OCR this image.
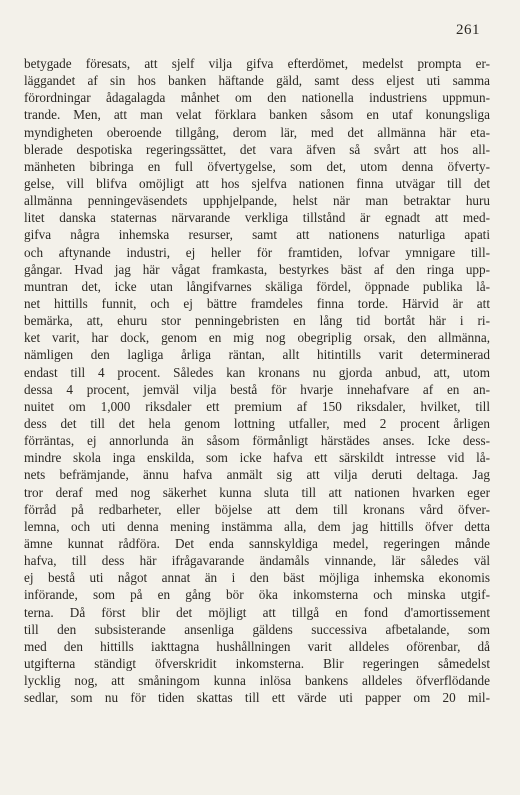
261
betygade föresats, att sjelf vilja gifva efterdömet, medelst prompta er-
läggandet af sin hos banken häftande gäld, samt dess eljest uti samma
förordningar ådagalagda månhet om den nationella industriens uppmun-
trande. Men, att man velat förklara banken såsom en utaf konungsliga
myndigheten oberoende tillgång, derom lär, med det allmänna här eta-
blerade despotiska regeringssättet, det vara äfven så svårt att hos all-
mänheten bibringa en full öfvertygelse, som det, utom denna öfverty-
gelse, vill blifva omöjligt att hos sjelfva nationen finna utvägar till det
allmänna penningeväsendets upphjelpande, helst när man betraktar huru
litet danska staternas närvarande verkliga tillstånd är egnadt att med-
gifva några inhemska resurser, samt att nationens naturliga apati
och aftynande industri, ej heller för framtiden, lofvar ymnigare till-
gångar. Hvad jag här vågat framkasta, bestyrkes bäst af den ringa upp-
muntran det, icke utan långifvarnes skäliga fördel, öppnade publika lå-
net hittills funnit, och ej bättre framdeles finna torde. Härvid är att
bemärka, att, ehuru stor penningebristen en lång tid bortåt här i ri-
ket varit, har dock, genom en mig nog obegriplig orsak, den allmänna,
nämligen den lagliga årliga räntan, allt hitintills varit determinerad
endast till 4 procent. Således kan kronans nu gjorda anbud, att, utom
dessa 4 procent, jemväl vilja bestå för hvarje innehafvare af en an-
nuitet om 1,000 riksdaler ett premium af 150 riksdaler, hvilket, till
dess det till det hela genom lottning utfaller, med 2 procent årligen
förräntas, ej annorlunda än såsom förmånligt härstädes anses. Icke dess-
mindre skola inga enskilda, som icke hafva ett särskildt intresse vid lå-
nets befrämjande, ännu hafva anmält sig att vilja deruti deltaga. Jag
tror deraf med nog säkerhet kunna sluta till att nationen hvarken eger
förråd på redbarheter, eller böjelse att dem till kronans vård öfver-
lemna, och uti denna mening instämma alla, dem jag hittills öfver detta
ämne kunnat rådföra. Det enda sannskyldiga medel, regeringen månde
hafva, till dess här ifrågavarande ändamåls vinnande, lär således väl
ej bestå uti något annat än i den bäst möjliga inhemska ekonomis
införande, som på en gång bör öka inkomsterna och minska utgif-
terna. Då först blir det möjligt att tillgå en fond d'amortissement
till den subsisterande ansenliga gäldens successiva afbetalande, som
med den hittills iakttagna hushållningen varit alldeles oförenbar, då
utgifterna ständigt öfverskridit inkomsterna. Blir regeringen såmedelst
lycklig nog, att småningom kunna inlösa bankens alldeles öfverflödande
sedlar, som nu för tiden skattas till ett värde uti papper om 20 mil-
